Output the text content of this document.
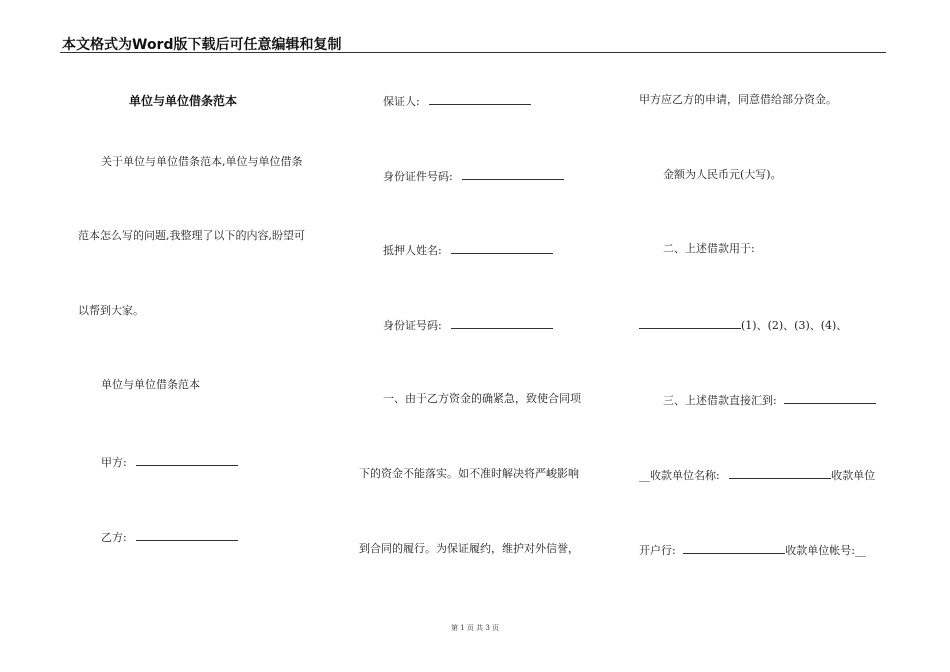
本文格式为Word版下载后可任意编辑和复制
单位与单位借条范本
关于单位与单位借条范本,单位与单位借条
范本怎么写的问题,我整理了以下的内容,盼望可
以帮到大家。
单位与单位借条范本
甲方:
乙方:
保证人:
身份证件号码:
抵押人姓名:
身份证号码:
一、由于乙方资金的确紧急，致使合同项
下的资金不能落实。如不准时解决将严峻影响
到合同的履行。为保证履约，维护对外信誉，
甲方应乙方的申请，同意借给部分资金。
金额为人民币元(大写)。
二、上述借款用于:
(1)、(2)、(3)、(4)、
三、上述借款直接汇到:
__收款单位名称:	收款单位
开户行:	收款单位帐号:__
第 1 页 共 3 页
